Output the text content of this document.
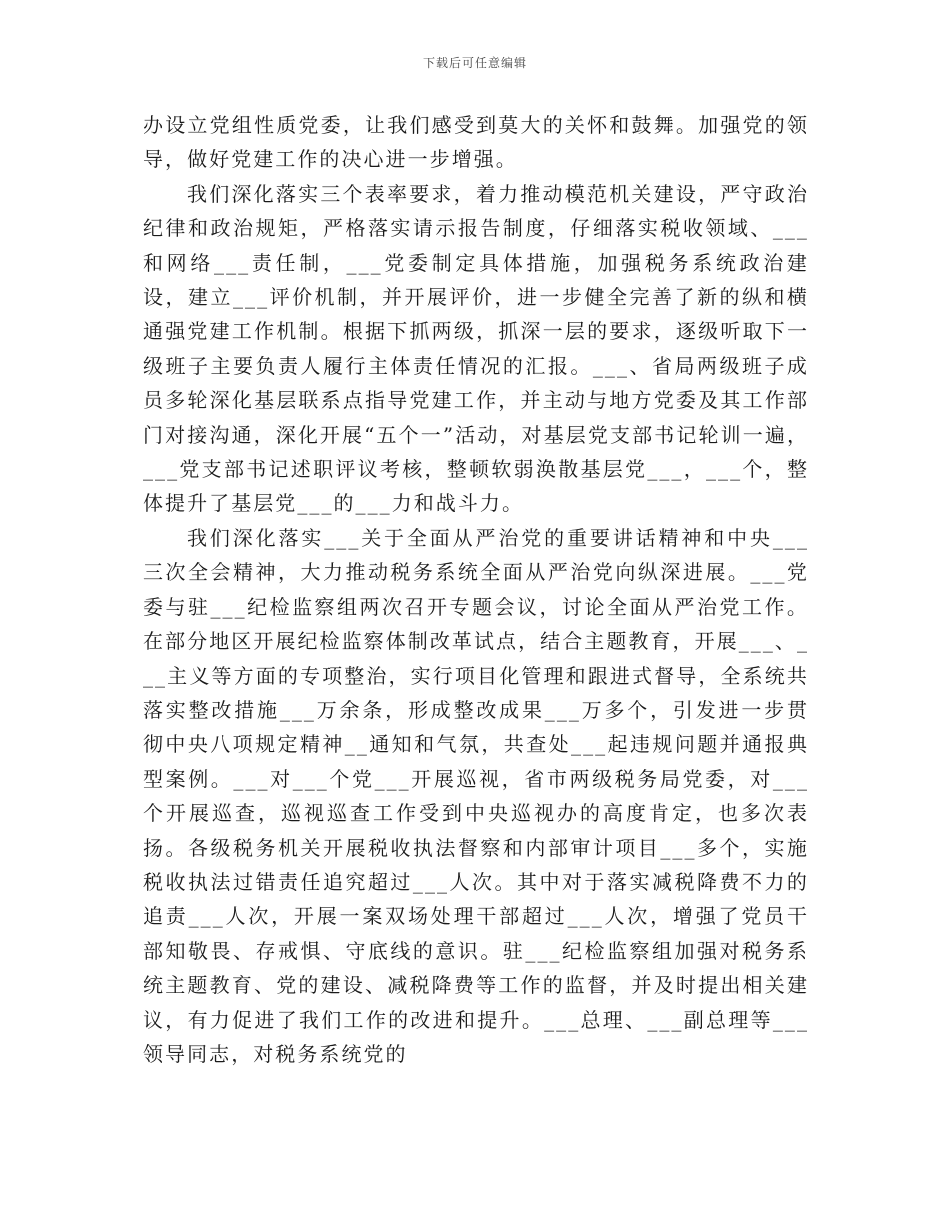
下载后可任意编辑

办设立党组性质党委，让我们感受到莫大的关怀和鼓舞。加强党的领导，做好党建工作的决心进一步增强。

我们深化落实三个表率要求，着力推动模范机关建设，严守政治纪律和政治规矩，严格落实请示报告制度，仔细落实税收领域、___和网络___责任制，___党委制定具体措施，加强税务系统政治建设，建立___评价机制，并开展评价，进一步健全完善了新的纵和横通强党建工作机制。根据下抓两级，抓深一层的要求，逐级听取下一级班子主要负责人履行主体责任情况的汇报。___、省局两级班子成员多轮深化基层联系点指导党建工作，并主动与地方党委及其工作部门对接沟通，深化开展“五个一”活动，对基层党支部书记轮训一遍，___党支部书记述职评议考核，整顿软弱涣散基层党___，___个，整体提升了基层党___的___力和战斗力。

我们深化落实___关于全面从严治党的重要讲话精神和中央___三次全会精神，大力推动税务系统全面从严治党向纵深进展。___党委与驻___纪检监察组两次召开专题会议，讨论全面从严治党工作。在部分地区开展纪检监察体制改革试点，结合主题教育，开展___、___主义等方面的专项整治，实行项目化管理和跟进式督导，全系统共落实整改措施___万余条，形成整改成果___万多个，引发进一步贯彻中央八项规定精神__通知和气氛，共查处___起违规问题并通报典型案例。___对___个党___开展巡视，省市两级税务局党委，对___个开展巡查，巡视巡查工作受到中央巡视办的高度肯定，也多次表扬。各级税务机关开展税收执法督察和内部审计项目___多个，实施税收执法过错责任追究超过___人次。其中对于落实减税降费不力的追责___人次，开展一案双场处理干部超过___人次，增强了党员干部知敬畏、存戒惧、守底线的意识。驻___纪检监察组加强对税务系统主题教育、党的建设、减税降费等工作的监督，并及时提出相关建议，有力促进了我们工作的改进和提升。___总理、___副总理等___领导同志，对税务系统党的
